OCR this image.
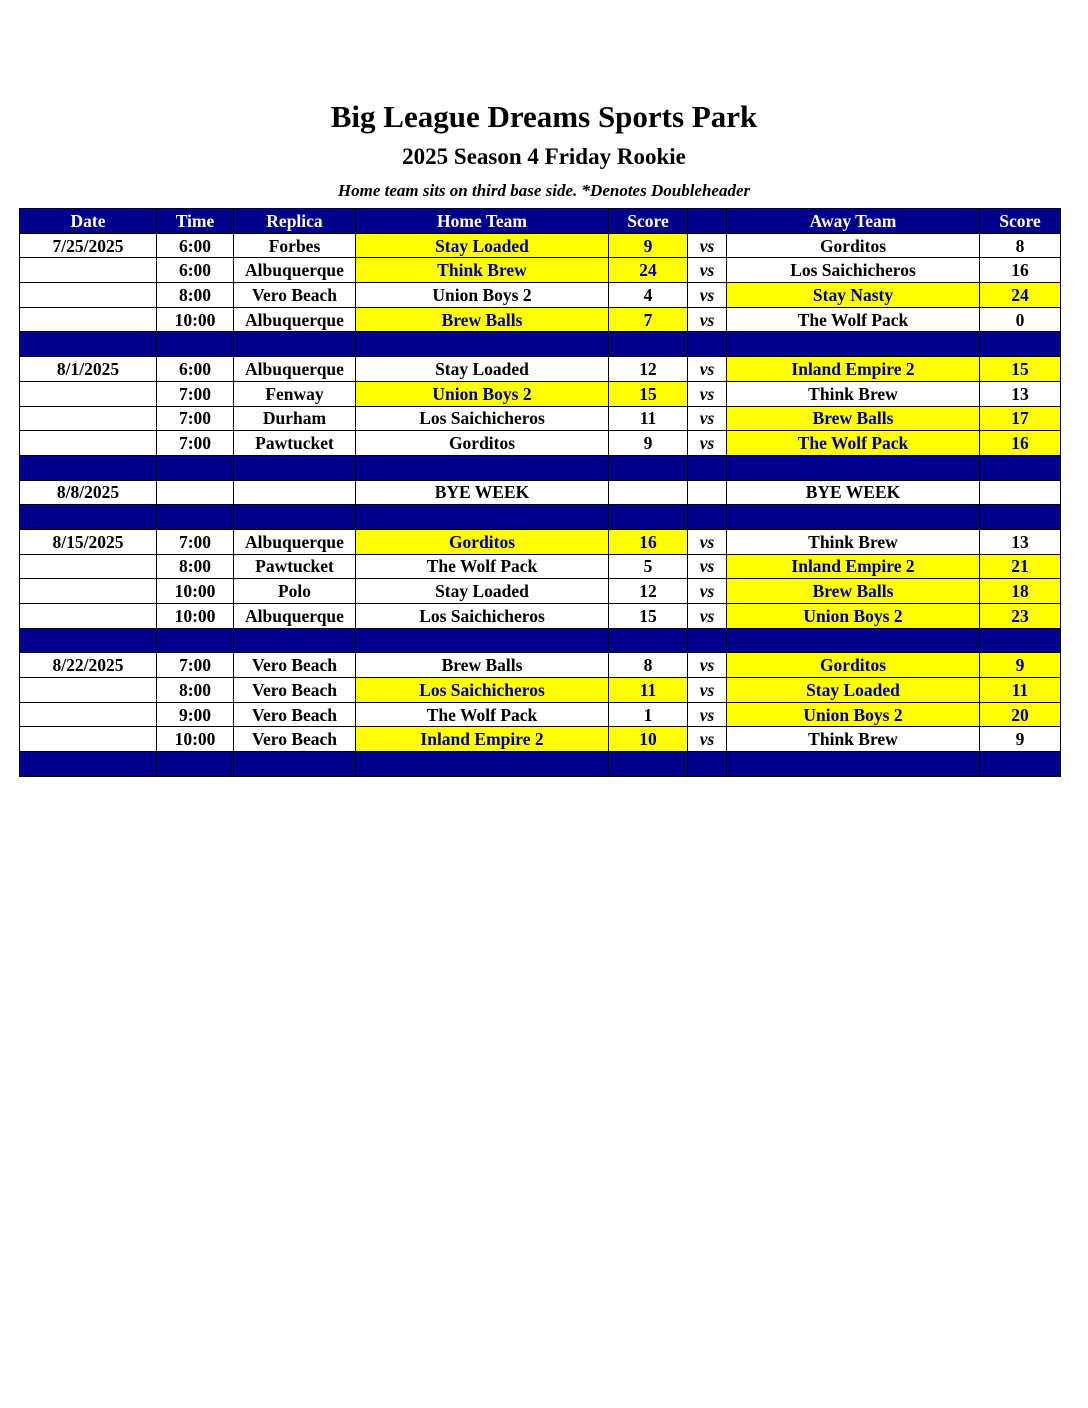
Big League Dreams Sports Park
2025 Season 4 Friday Rookie
Home team sits on third base side. *Denotes Doubleheader
Date	Time	Replica	Home Team	Score		Away Team	Score
7/25/2025	6:00	Forbes	Stay Loaded	9	vs	Gorditos	8
	6:00	Albuquerque	Think Brew	24	vs	Los Saichicheros	16
	8:00	Vero Beach	Union Boys 2	4	vs	Stay Nasty	24
	10:00	Albuquerque	Brew Balls	7	vs	The Wolf Pack	0

8/1/2025	6:00	Albuquerque	Stay Loaded	12	vs	Inland Empire 2	15
	7:00	Fenway	Union Boys 2	15	vs	Think Brew	13
	7:00	Durham	Los Saichicheros	11	vs	Brew Balls	17
	7:00	Pawtucket	Gorditos	9	vs	The Wolf Pack	16

8/8/2025			BYE WEEK			BYE WEEK	

8/15/2025	7:00	Albuquerque	Gorditos	16	vs	Think Brew	13
	8:00	Pawtucket	The Wolf Pack	5	vs	Inland Empire 2	21
	10:00	Polo	Stay Loaded	12	vs	Brew Balls	18
	10:00	Albuquerque	Los Saichicheros	15	vs	Union Boys 2	23

8/22/2025	7:00	Vero Beach	Brew Balls	8	vs	Gorditos	9
	8:00	Vero Beach	Los Saichicheros	11	vs	Stay Loaded	11
	9:00	Vero Beach	The Wolf Pack	1	vs	Union Boys 2	20
	10:00	Vero Beach	Inland Empire 2	10	vs	Think Brew	9
